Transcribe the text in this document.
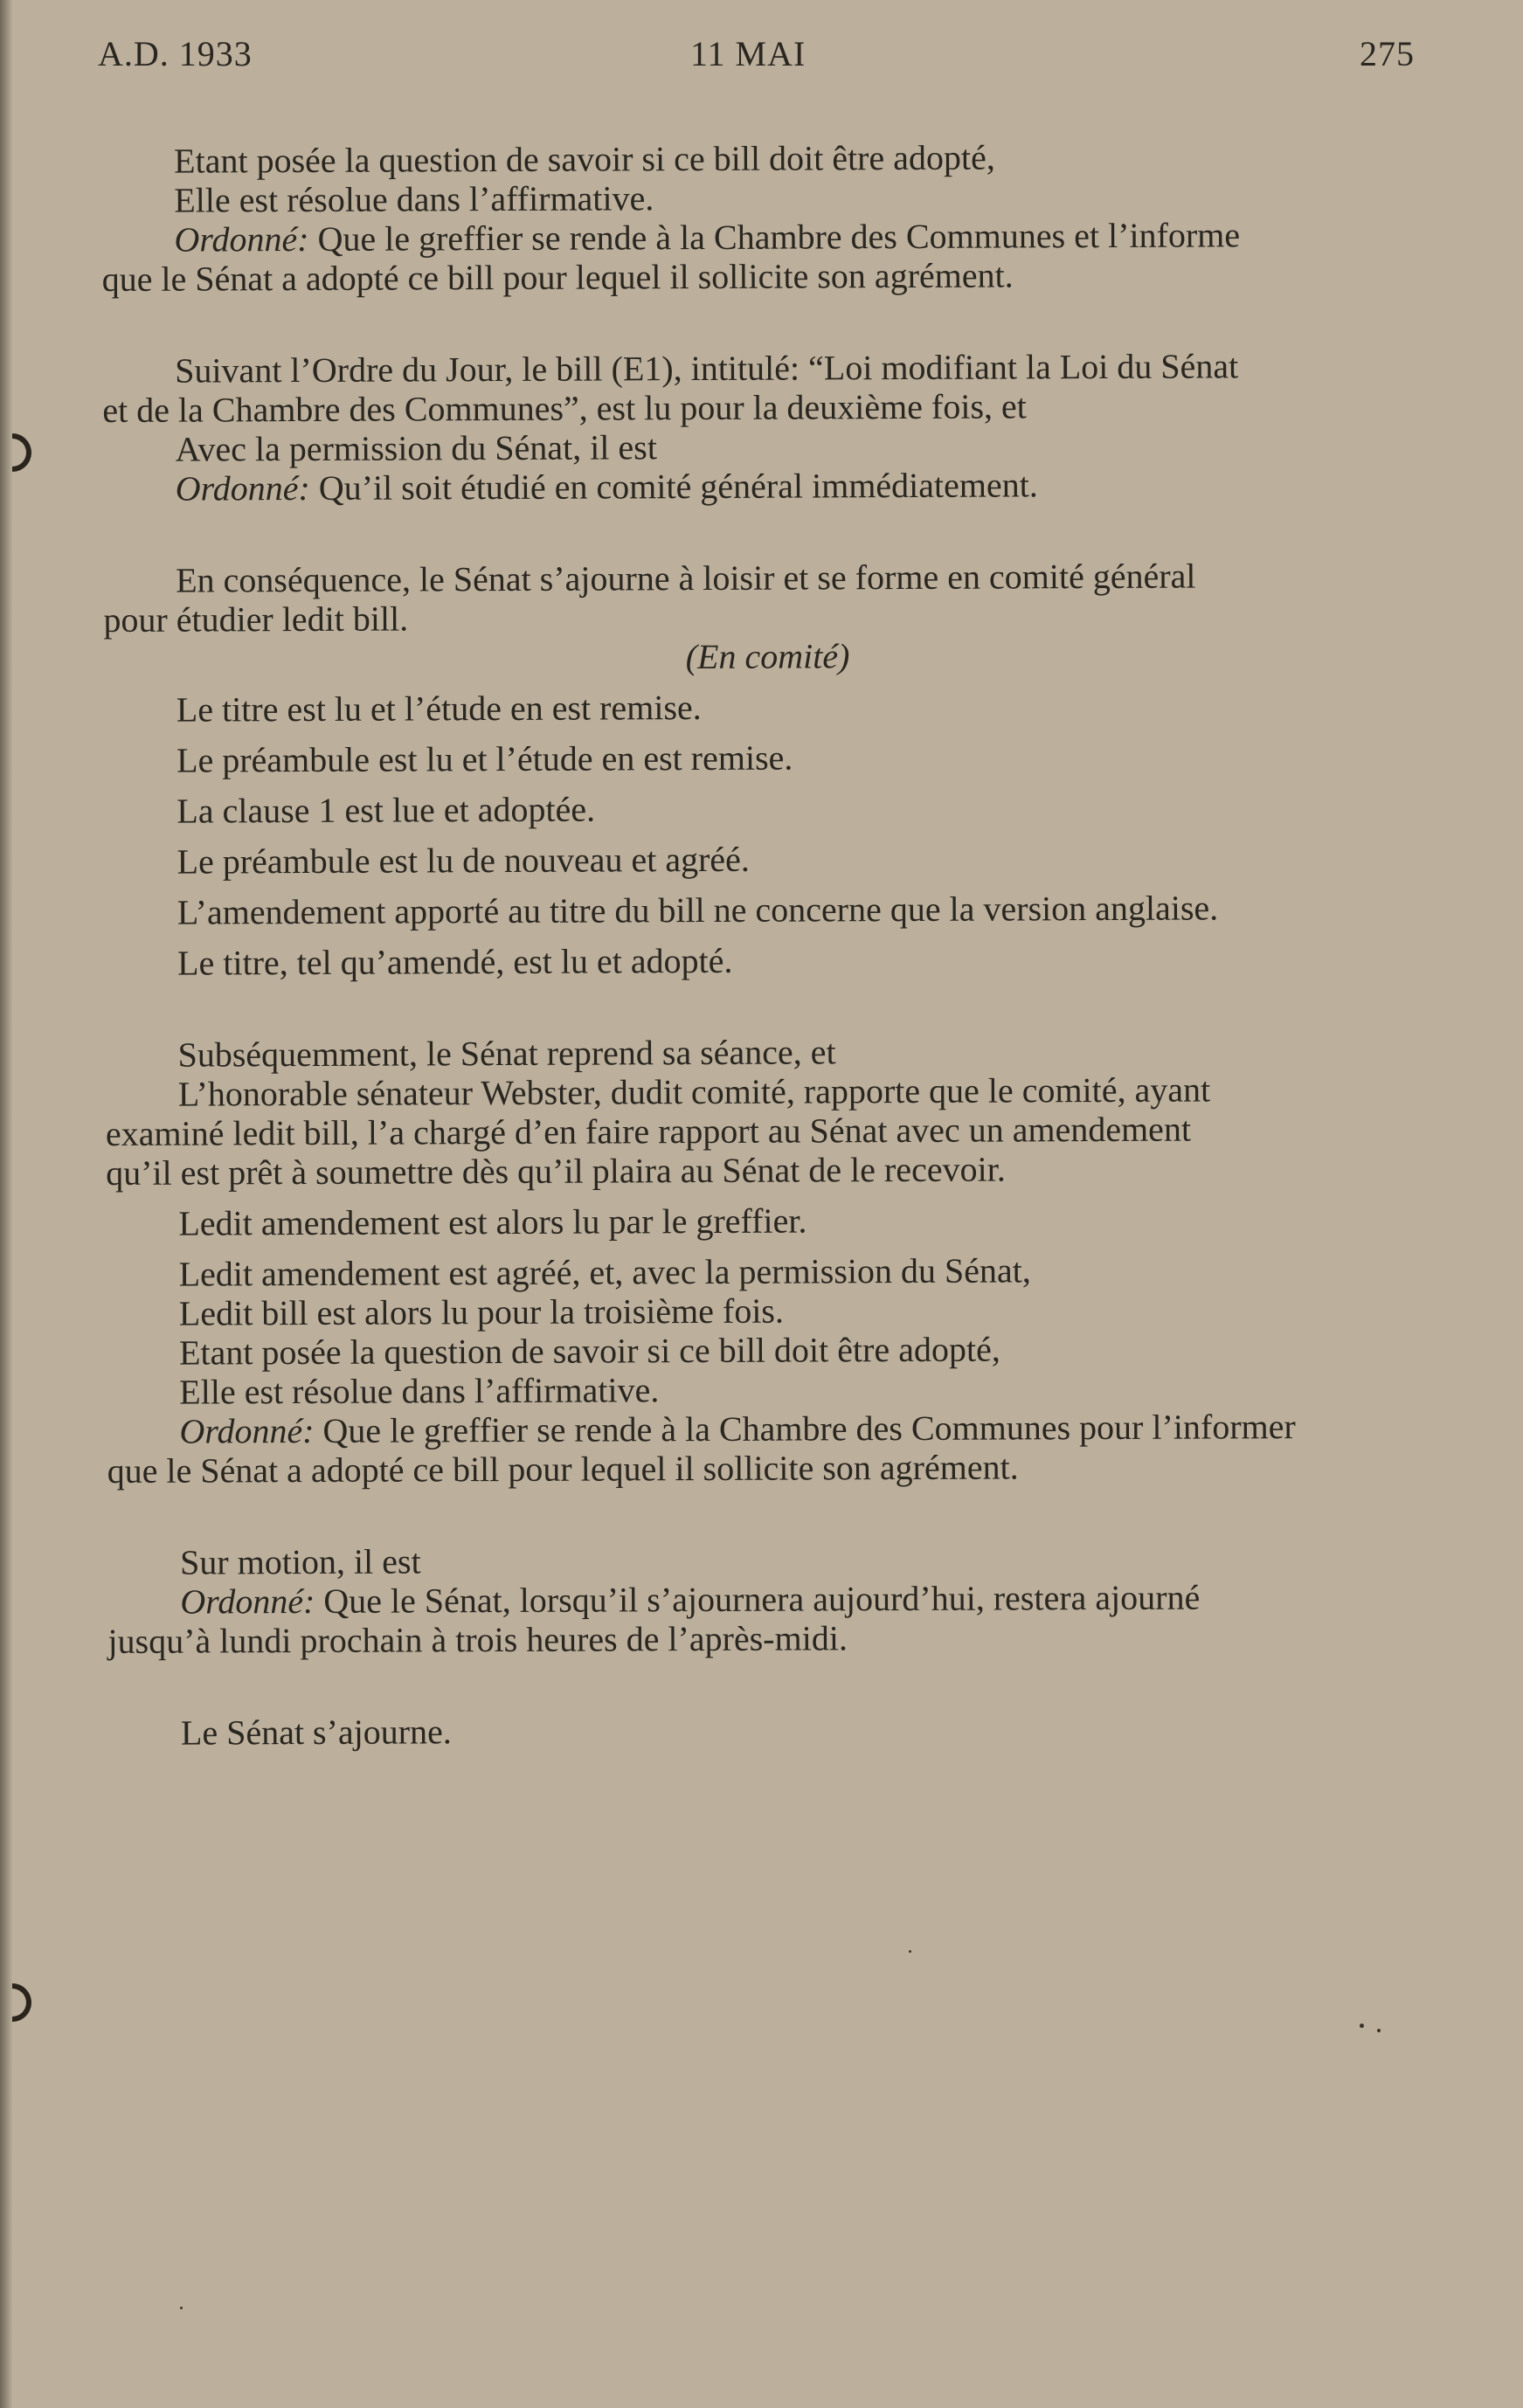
A.D. 1933	11 MAI	275

Etant posée la question de savoir si ce bill doit être adopté,

Elle est résolue dans l’affirmative.

Ordonné: Que le greffier se rende à la Chambre des Communes et l’informe

que le Sénat a adopté ce bill pour lequel il sollicite son agrément.

Suivant l’Ordre du Jour, le bill (E1), intitulé: “Loi modifiant la Loi du Sénat

et de la Chambre des Communes”, est lu pour la deuxième fois, et

Avec la permission du Sénat, il est

Ordonné: Qu’il soit étudié en comité général immédiatement.

En conséquence, le Sénat s’ajourne à loisir et se forme en comité général

pour étudier ledit bill.

(En comité)

Le titre est lu et l’étude en est remise.

Le préambule est lu et l’étude en est remise.

La clause 1 est lue et adoptée.

Le préambule est lu de nouveau et agréé.

L’amendement apporté au titre du bill ne concerne que la version anglaise.

Le titre, tel qu’amendé, est lu et adopté.

Subséquemment, le Sénat reprend sa séance, et

L’honorable sénateur Webster, dudit comité, rapporte que le comité, ayant

examiné ledit bill, l’a chargé d’en faire rapport au Sénat avec un amendement

qu’il est prêt à soumettre dès qu’il plaira au Sénat de le recevoir.

Ledit amendement est alors lu par le greffier.

Ledit amendement est agréé, et, avec la permission du Sénat,

Ledit bill est alors lu pour la troisième fois.

Etant posée la question de savoir si ce bill doit être adopté,

Elle est résolue dans l’affirmative.

Ordonné: Que le greffier se rende à la Chambre des Communes pour l’informer

que le Sénat a adopté ce bill pour lequel il sollicite son agrément.

Sur motion, il est

Ordonné: Que le Sénat, lorsqu’il s’ajournera aujourd’hui, restera ajourné

jusqu’à lundi prochain à trois heures de l’après-midi.

Le Sénat s’ajourne.
